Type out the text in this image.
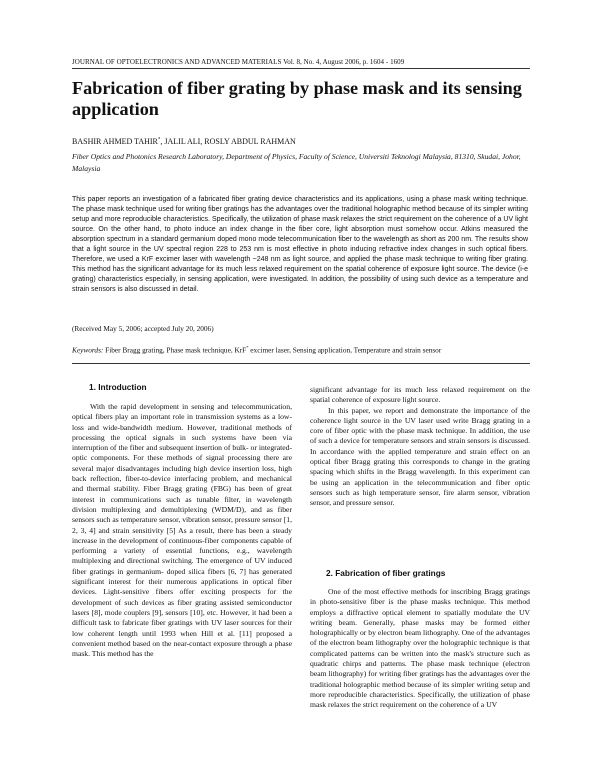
JOURNAL OF OPTOELECTRONICS AND ADVANCED MATERIALS Vol. 8, No. 4, August 2006, p. 1604 - 1609
Fabrication of fiber grating by phase mask and its sensing application
BASHIR AHMED TAHIR*, JALIL ALI, ROSLY ABDUL RAHMAN
Fiber Optics and Photonics Research Laboratory, Department of Physics, Faculty of Science, Universiti Teknologi Malaysia, 81310, Skudai, Johor, Malaysia
This paper reports an investigation of a fabricated fiber grating device characteristics and its applications, using a phase mask writing technique. The phase mask technique used for writing fiber gratings has the advantages over the traditional holographic method because of its simpler writing setup and more reproducible characteristics. Specifically, the utilization of phase mask relaxes the strict requirement on the coherence of a UV light source. On the other hand, to photo induce an index change in the fiber core, light absorption must somehow occur. Atkins measured the absorption spectrum in a standard germanium doped mono mode telecommunication fiber to the wavelength as short as 200 nm. The results show that a light source in the UV spectral region 228 to 253 nm is most effective in photo inducing refractive index changes in such optical fibers. Therefore, we used a KrF excimer laser with wavelength ~248 nm as light source, and applied the phase mask technique to writing fiber grating. This method has the significant advantage for its much less relaxed requirement on the spatial coherence of exposure light source. The device (i-e grating) characteristics especially, in sensing application, were investigated. In addition, the possibility of using such device as a temperature and strain sensors is also discussed in detail.
(Received May 5, 2006; accepted July 20, 2006)
Keywords: Fiber Bragg grating, Phase mask technique, KrF* excimer laser, Sensing application, Temperature and strain sensor
1. Introduction

With the rapid development in sensing and telecommunication, optical fibers play an important role in transmission systems as a low-loss and wide-bandwidth medium. However, traditional methods of processing the optical signals in such systems have been via interruption of the fiber and subsequent insertion of bulk- or integrated-optic components. For these methods of signal processing there are several major disadvantages including high device insertion loss, high back reflection, fiber-to-device interfacing problem, and mechanical and thermal stability. Fiber Bragg grating (FBG) has been of great interest in communications such as tunable filter, in wavelength division multiplexing and demultiplexing (WDM/D), and as fiber sensors such as temperature sensor, vibration sensor, pressure sensor [1, 2, 3, 4] and strain sensitivity [5] As a result, there has been a steady increase in the development of continuous-fiber components capable of performing a variety of essential functions, e.g., wavelength multiplexing and directional switching. The emergence of UV induced fiber gratings in germanium- doped silica fibers [6, 7] has generated significant interest for their numerous applications in optical fiber devices. Light-sensitive fibers offer exciting prospects for the development of such devices as fiber grating assisted semiconductor lasers [8], mode couplers [9], sensors [10], etc. However, it had been a difficult task to fabricate fiber gratings with UV laser sources for their low coherent length until 1993 when Hill et al. [11] proposed a convenient method based on the near-contact exposure through a phase mask. This method has the

significant advantage for its much less relaxed requirement on the spatial coherence of exposure light source.

In this paper, we report and demonstrate the importance of the coherence light source in the UV laser used write Bragg grating in a core of fiber optic with the phase mask technique. In addition, the use of such a device for temperature sensors and strain sensors is discussed. In accordance with the applied temperature and strain effect on an optical fiber Bragg grating this corresponds to change in the grating spacing which shifts in the Bragg wavelength. In this experiment can be using an application in the telecommunication and fiber optic sensors such as high temperature sensor, fire alarm sensor, vibration sensor, and pressure sensor.

2. Fabrication of fiber gratings

One of the most effective methods for inscribing Bragg gratings in photo-sensitive fiber is the phase masks technique. This method employs a diffractive optical element to spatially modulate the UV writing beam. Generally, phase masks may be formed either holographically or by electron beam lithography. One of the advantages of the electron beam lithography over the holographic technique is that complicated patterns can be written into the mask's structure such as quadratic chirps and patterns. The phase mask technique (electron beam lithography) for writing fiber gratings has the advantages over the traditional holographic method because of its simpler writing setup and more reproducible characteristics. Specifically, the utilization of phase mask relaxes the strict requirement on the coherence of a UV
